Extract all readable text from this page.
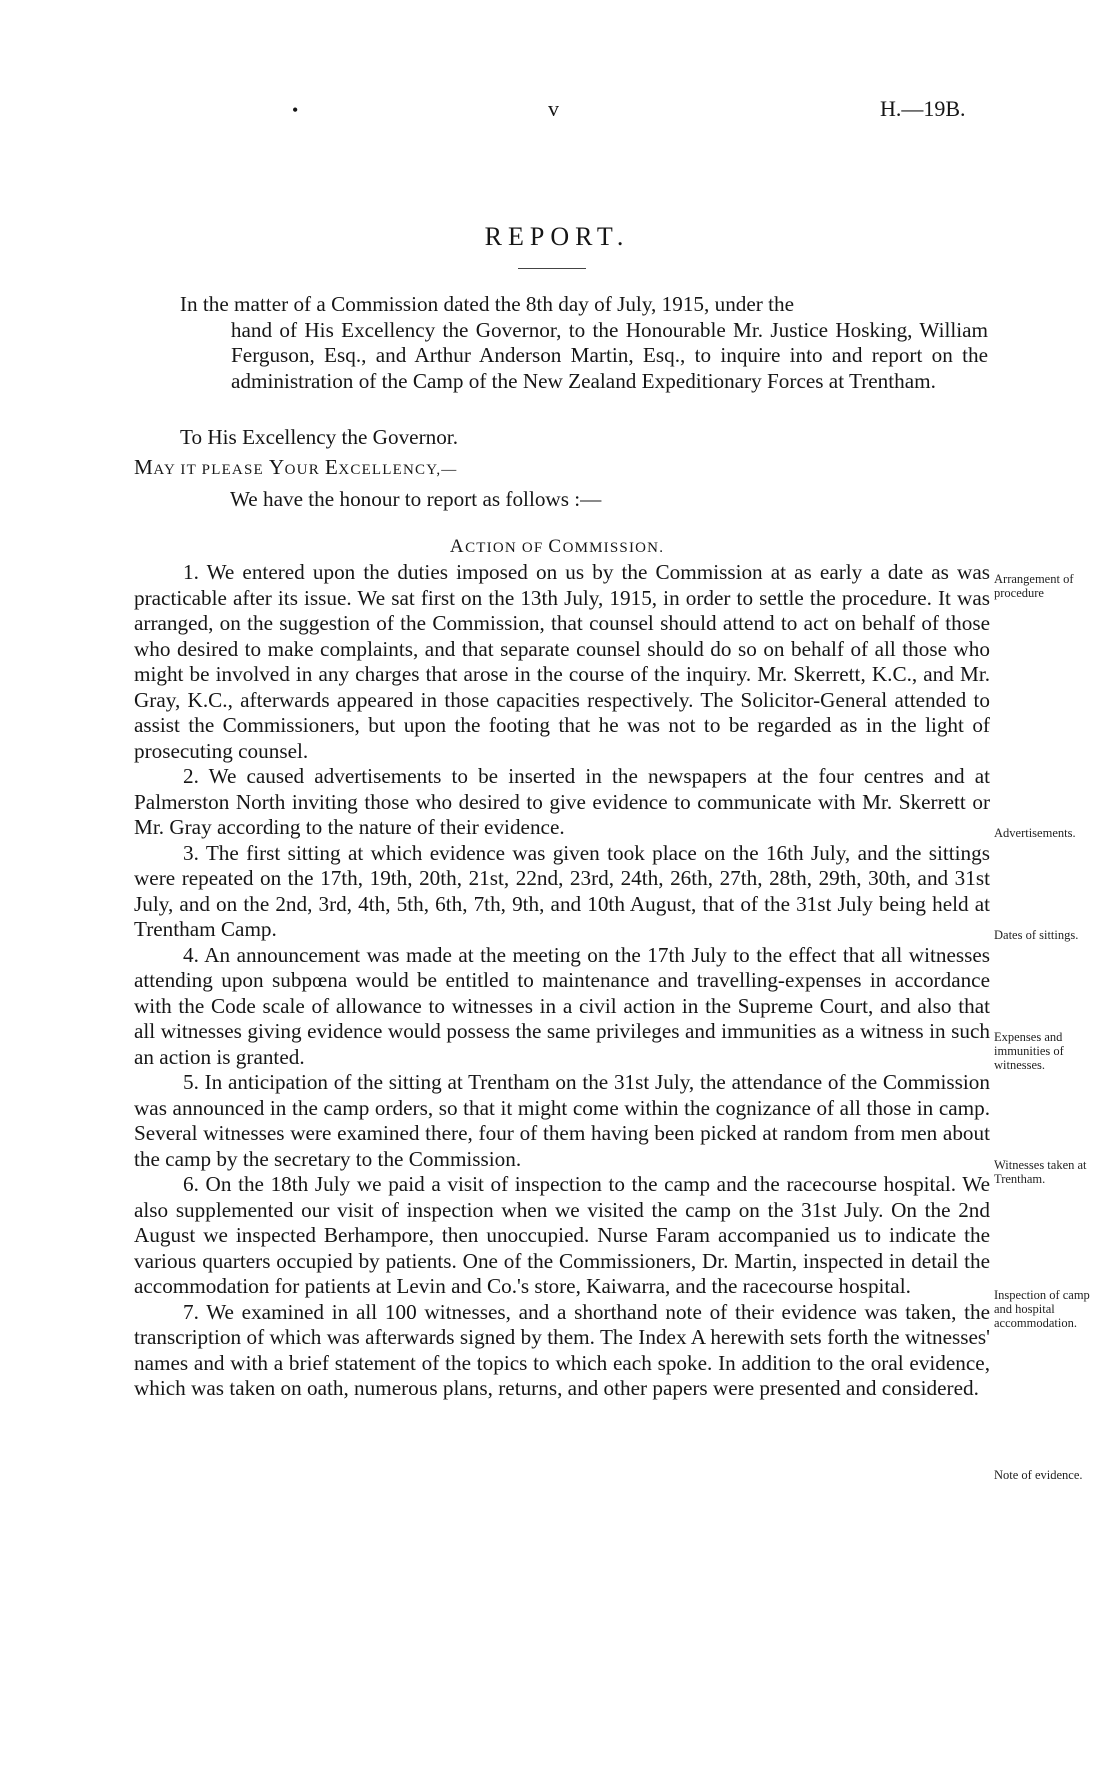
•	v	H.—19B.
REPORT.

In the matter of a Commission dated the 8th day of July, 1915, under the

hand of His Excellency the Governor, to the Honourable Mr. Justice Hosking, William Ferguson, Esq., and Arthur Anderson Martin, Esq., to inquire into and report on the administration of the Camp of the New Zealand Expeditionary Forces at Trentham.

To His Excellency the Governor.
MAY IT PLEASE YOUR EXCELLENCY,—
We have the honour to report as follows :—
ACTION OF COMMISSION.

1. We entered upon the duties imposed on us by the Commission at as early a date as was practicable after its issue. We sat first on the 13th July, 1915, in order to settle the procedure. It was arranged, on the suggestion of the Commission, that counsel should attend to act on behalf of those who desired to make complaints, and that separate counsel should do so on behalf of all those who might be involved in any charges that arose in the course of the inquiry. Mr. Skerrett, K.C., and Mr. Gray, K.C., afterwards appeared in those capacities respectively. The Solicitor-General attended to assist the Commissioners, but upon the footing that he was not to be regarded as in the light of prosecuting counsel.

2. We caused advertisements to be inserted in the newspapers at the four centres and at Palmerston North inviting those who desired to give evidence to communicate with Mr. Skerrett or Mr. Gray according to the nature of their evidence.

3. The first sitting at which evidence was given took place on the 16th July, and the sittings were repeated on the 17th, 19th, 20th, 21st, 22nd, 23rd, 24th, 26th, 27th, 28th, 29th, 30th, and 31st July, and on the 2nd, 3rd, 4th, 5th, 6th, 7th, 9th, and 10th August, that of the 31st July being held at Trentham Camp.

4. An announcement was made at the meeting on the 17th July to the effect that all witnesses attending upon subpœna would be entitled to maintenance and travelling-expenses in accordance with the Code scale of allowance to witnesses in a civil action in the Supreme Court, and also that all witnesses giving evidence would possess the same privileges and immunities as a witness in such an action is granted.

5. In anticipation of the sitting at Trentham on the 31st July, the attendance of the Commission was announced in the camp orders, so that it might come within the cognizance of all those in camp. Several witnesses were examined there, four of them having been picked at random from men about the camp by the secretary to the Commission.

6. On the 18th July we paid a visit of inspection to the camp and the racecourse hospital. We also supplemented our visit of inspection when we visited the camp on the 31st July. On the 2nd August we inspected Berhampore, then unoccupied. Nurse Faram accompanied us to indicate the various quarters occupied by patients. One of the Commissioners, Dr. Martin, inspected in detail the accommodation for patients at Levin and Co.'s store, Kaiwarra, and the racecourse hospital.

7. We examined in all 100 witnesses, and a shorthand note of their evidence was taken, the transcription of which was afterwards signed by them. The Index A herewith sets forth the witnesses' names and with a brief statement of the topics to which each spoke. In addition to the oral evidence, which was taken on oath, numerous plans, returns, and other papers were presented and considered.

Arrangement of procedure
Advertisements.
Dates of sittings.
Expenses and immunities of witnesses.
Witnesses taken at Trentham.
Inspection of camp and hospital accommodation.
Note of evidence.
